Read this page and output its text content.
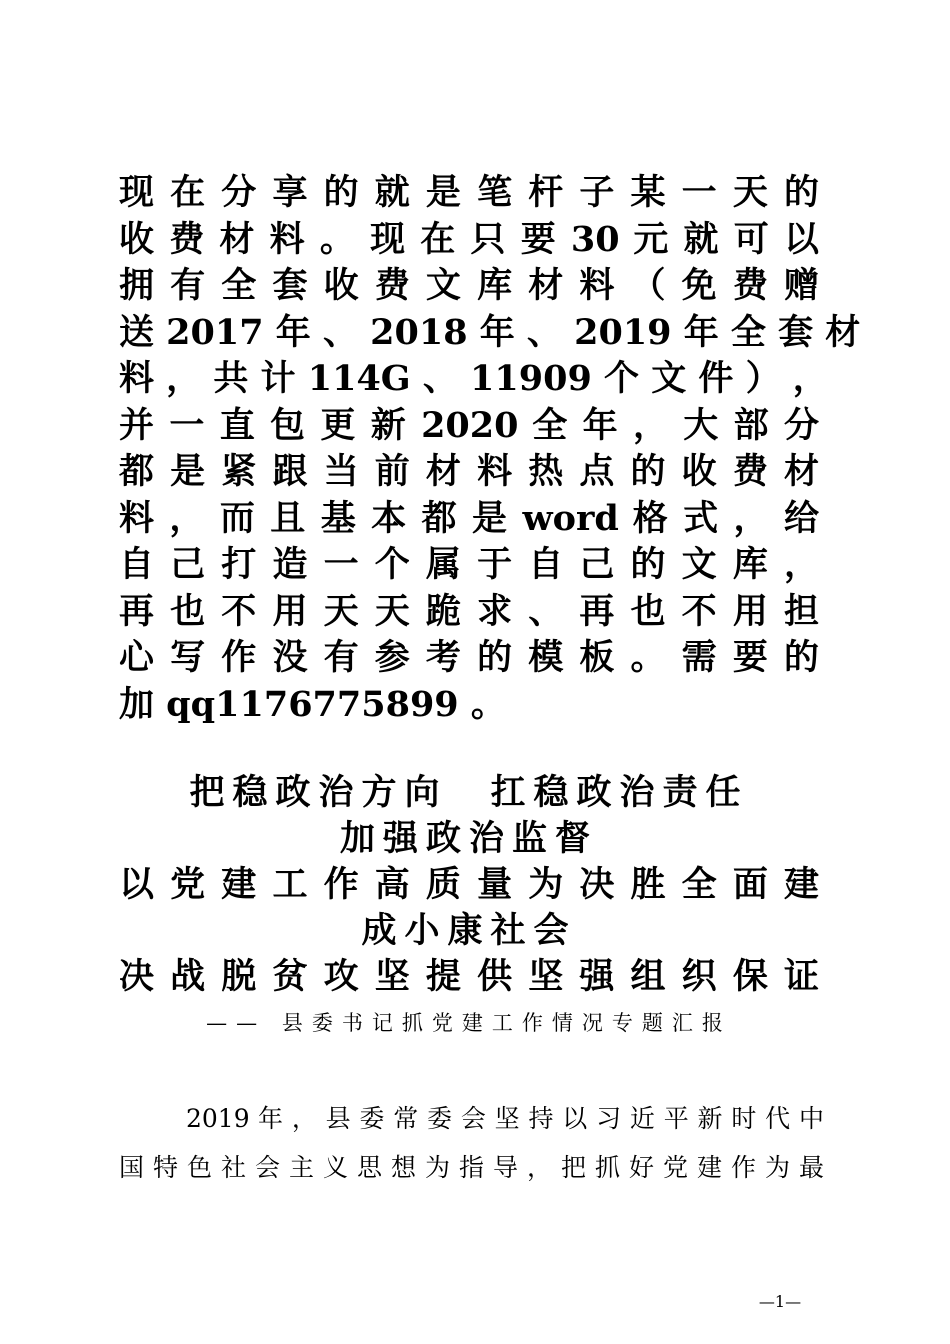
现 在 分 享 的 就 是 笔 杆 子 某 一 天 的
收 费 材 料 。 现 在 只 要 30 元 就 可 以
拥 有 全 套 收 费 文 库 材 料 （ 免 费 赠
送 2017 年 、 2018 年 、 2019 年 全 套 材
料 ， 共 计 114G 、 11909 个 文 件 ） ，
并 一 直 包 更 新 2020 全 年 ， 大 部 分
都 是 紧 跟 当 前 材 料 热 点 的 收 费 材
料 ， 而 且 基 本 都 是 word 格 式 ， 给
自 己 打 造 一 个 属 于 自 己 的 文 库 ，
再 也 不 用 天 天 跪 求 、 再 也 不 用 担
心 写 作 没 有 参 考 的 模 板 。 需 要 的
加 qq1176775899 。
把稳政治方向　扛稳政治责任
加强政治监督
以 党 建 工 作 高 质 量 为 决 胜 全 面 建
成小康社会
决 战 脱 贫 攻 坚 提 供 坚 强 组 织 保 证
—— 县委书记抓党建工作情况专题汇报
2019 年 ， 县 委 常 委 会 坚 持 以 习 近 平 新 时 代 中
国 特 色 社 会 主 义 思 想 为 指 导 ， 把 抓 好 党 建 作 为 最
—1—
